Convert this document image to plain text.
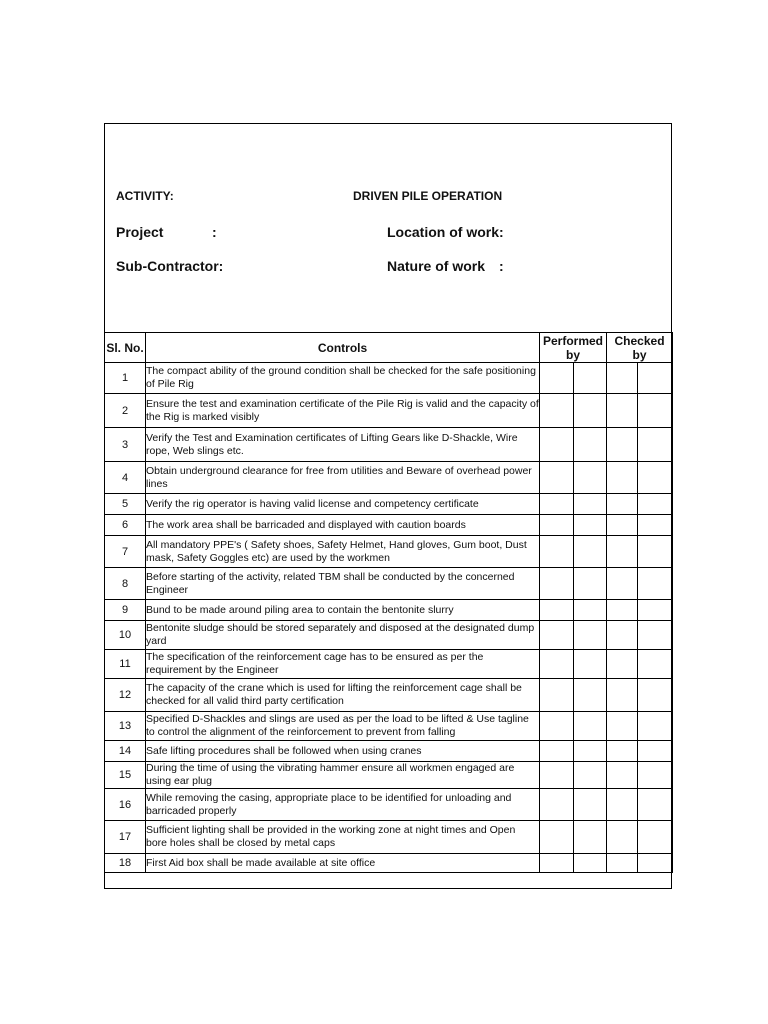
ACTIVITY:	DRIVEN PILE OPERATION
Project	:	Location of work:
Sub-Contractor:	Nature of work :
Sl. No.	Controls	Performed by		Checked by	
1	The compact ability of the ground condition shall be checked for the safe positioning of Pile Rig				
2	Ensure the test and examination certificate of the Pile Rig is valid and the capacity of the Rig is marked visibly				
3	Verify the Test and Examination certificates of Lifting Gears like D-Shackle, Wire rope, Web slings etc.				
4	Obtain underground clearance for free from utilities and Beware of overhead power lines				
5	Verify the rig operator is having valid license and competency certificate				
6	The work area shall be barricaded and displayed with caution boards				
7	All mandatory PPE's ( Safety shoes, Safety Helmet, Hand gloves, Gum boot, Dust mask, Safety Goggles etc) are used by the workmen				
8	Before starting of the activity, related TBM shall be conducted by the concerned Engineer				
9	Bund to be made around piling area to contain the bentonite slurry				
10	Bentonite sludge should be stored separately and disposed at the designated dump yard				
11	The specification of the reinforcement cage has to be ensured as per the requirement by the Engineer				
12	The capacity of the crane which is used for lifting the reinforcement cage shall be checked for all valid third party certification				
13	Specified D-Shackles and slings are used as per the load to be lifted & Use tagline to control the alignment of the reinforcement to prevent from falling				
14	Safe lifting procedures shall be followed when using cranes				
15	During the time of using the vibrating hammer ensure all workmen engaged are using ear plug				
16	While removing the casing, appropriate place to be identified for unloading and barricaded properly				
17	Sufficient lighting shall be provided in the working zone at night times and Open bore holes shall be closed by metal caps				
18	First Aid box shall be made available at site office				
